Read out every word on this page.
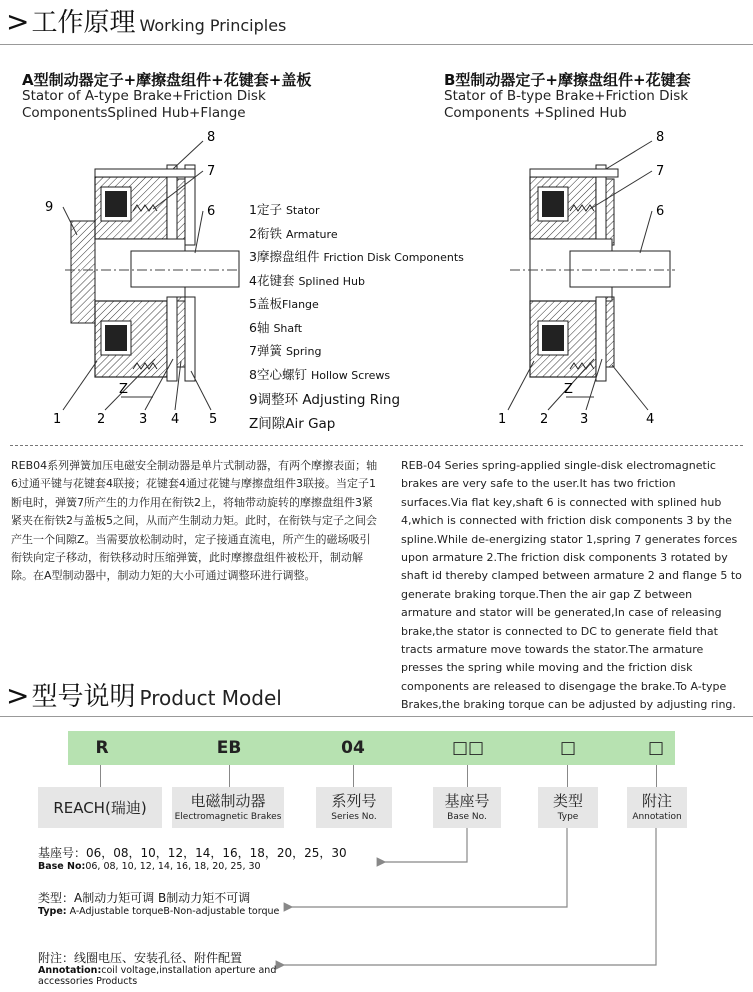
>工作原理 Working Principles
A型制动器定子+摩擦盘组件+花键套+盖板
Stator of A-type Brake+Friction Disk
ComponentsSplined Hub+Flange
B型制动器定子+摩擦盘组件+花键套
Stator of B-type Brake+Friction Disk
Components +Splined Hub
8
7
6
9
1	2	3 4 5
Z
1定子 Stator
2衔铁 Armature
3摩擦盘组件 Friction Disk Components
4花键套 Splined Hub
5盖板Flange
6轴 Shaft
7弹簧 Spring
8空心螺钉 Hollow Screws
9调整环 Adjusting Ring
Z间隙Air Gap
8
7
6
1	2 3	4
Z
REB04系列弹簧加压电磁安全制动器是单片式制动器，有两个摩擦表面；轴6过通平键与花键套4联接；花键套4通过花键与摩擦盘组件3联接。当定子1断电时，弹簧7所产生的力作用在衔铁2上，将轴带动旋转的摩擦盘组件3紧紧夹在衔铁2与盖板5之间，从而产生制动力矩。此时，在衔铁与定子之间会产生一个间隙Z。当需要放松制动时，定子接通直流电，所产生的磁场吸引衔铁向定子移动，衔铁移动时压缩弹簧，此时摩擦盘组件被松开，制动解除。在A型制动器中，制动力矩的大小可通过调整环进行调整。
REB-04 Series spring-applied single-disk electromagnetic brakes are very safe to the user.It has two friction surfaces.Via flat key,shaft 6 is connected with splined hub 4,which is connected with friction disk components 3 by the spline.While de-energizing stator 1,spring 7 generates forces upon armature 2.The friction disk components 3 rotated by shaft id thereby clamped between armature 2 and flange 5 to generate braking torque.Then the air gap Z between armature and stator will be generated,In case of releasing brake,the stator is connected to DC to generate field that tracts armature move towards the stator.The armature presses the spring while moving and the friction disk components are released to disengage the brake.To A-type Brakes,the braking torque can be adjusted by adjusting ring.
>型号说明 Product Model
R	EB	04	□□	□	□
REACH(瑞迪)	电磁制动器
Electromagnetic Brakes
系列号
Series No.
基座号
Base No.
类型
Type
附注
Annotation
基座号：06，08，10，12，14，16，18，20，25，30
Base No:06, 08, 10, 12, 14, 16, 18, 20, 25, 30
类型：A制动力矩可调 B制动力矩不可调
Type: A-Adjustable torqueB-Non-adjustable torque
附注：线圈电压、安装孔径、附件配置
Annotation:coil voltage,installation aperture and
accessories Products
